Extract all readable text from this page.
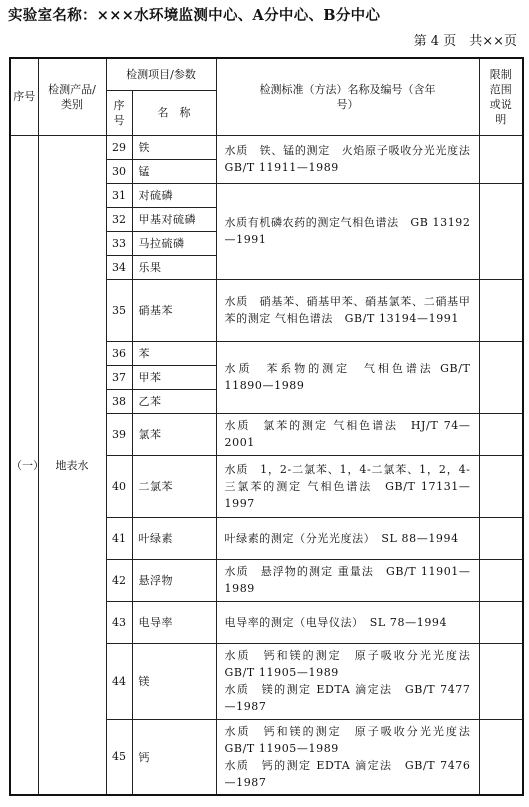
实验室名称：×××水环境监测中心、A分中心、B分中心
第 4 页　共××页
序号	检测产品/类别	检测项目/参数		检测标准（方法）名称及编号（含年号）	限制范围或说明
		序号	名　称		
（一）	地表水	29	铁	水质　铁、锰的测定　火焰原子吸收分光光度法　GB/T 11911—1989	
		30	锰		
		31	对硫磷	水质有机磷农药的测定气相色谱法　GB 13192—1991	
		32	甲基对硫磷		
		33	马拉硫磷		
		34	乐果		
		35	硝基苯	水质　硝基苯、硝基甲苯、硝基氯苯、二硝基甲苯的测定 气相色谱法　GB/T 13194—1991	
		36	苯	水质　苯系物的测定　气相色谱法 GB/T 11890—1989	
		37	甲苯		
		38	乙苯		
		39	氯苯	水质　氯苯的测定 气相色谱法　HJ/T 74—2001	
		40	二氯苯	水质　1，2-二氯苯、1，4-二氯苯、1，2，4-三氯苯的测定 气相色谱法　GB/T 17131—1997	
		41	叶绿素	叶绿素的测定（分光光度法）　SL 88—1994	
		42	悬浮物	水质　悬浮物的测定 重量法　GB/T 11901—1989	
		43	电导率	电导率的测定（电导仪法）　SL 78—1994	
		44	镁	水质　钙和镁的测定　原子吸收分光光度法　GB/T 11905—1989
水质　镁的测定 EDTA 滴定法　GB/T 7477—1987	

		45	钙	水质　钙和镁的测定　原子吸收分光光度法　GB/T 11905—1989
水质　钙的测定 EDTA 滴定法　GB/T 7476—1987	
